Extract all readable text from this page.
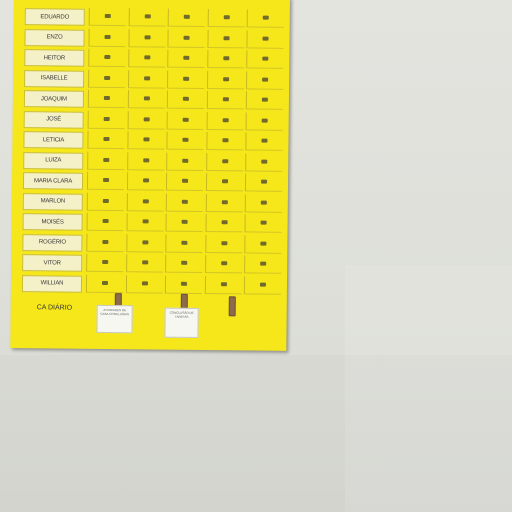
EDUARDO
ENZO
HEITOR
ISABELLE
JOAQUIM
JOSÉ
LETICIA
LUIZA
MARIA CLARA
MARLON
MOISÉS
ROGÉRIO
VITOR
WILLIAN
CA DIÁRIO	ATIVIDADES DE CASA CONCLUÍDAS	CONCLUSÃO DE TAREFAS
